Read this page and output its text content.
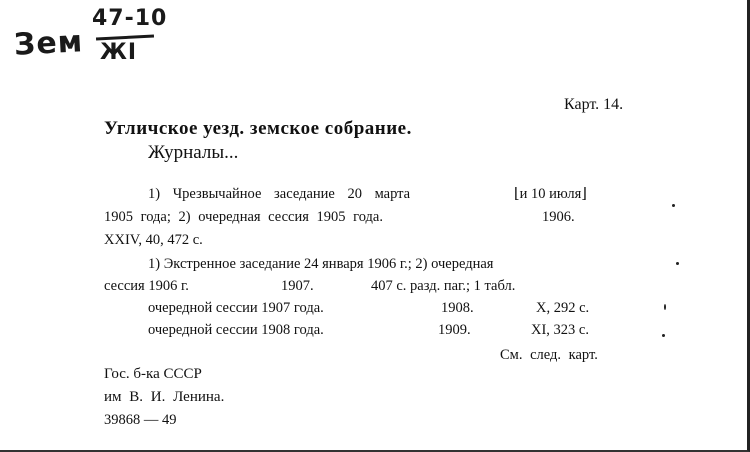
Зем
47-10
ЖI
Карт. 14.
Угличское уезд. земское собрание.
Журналы...
1) Чрезвычайное заседание 20 марта	⌊и 10 июля⌋
1905 года; 2) очередная сессия 1905 года.	1906.
XXIV, 40, 472 с.
1) Экстренное заседание 24 января 1906 г.; 2) очередная
сессия 1906 г.	1907.	407 с. разд. паг.; 1 табл.
очередной сессии 1907 года.	1908.	X, 292 с.
очередной сессии 1908 года.	1909.	XI, 323 с.
См. след. карт.
Гос. б-ка СССР
им В. И. Ленина.
39868 — 49
